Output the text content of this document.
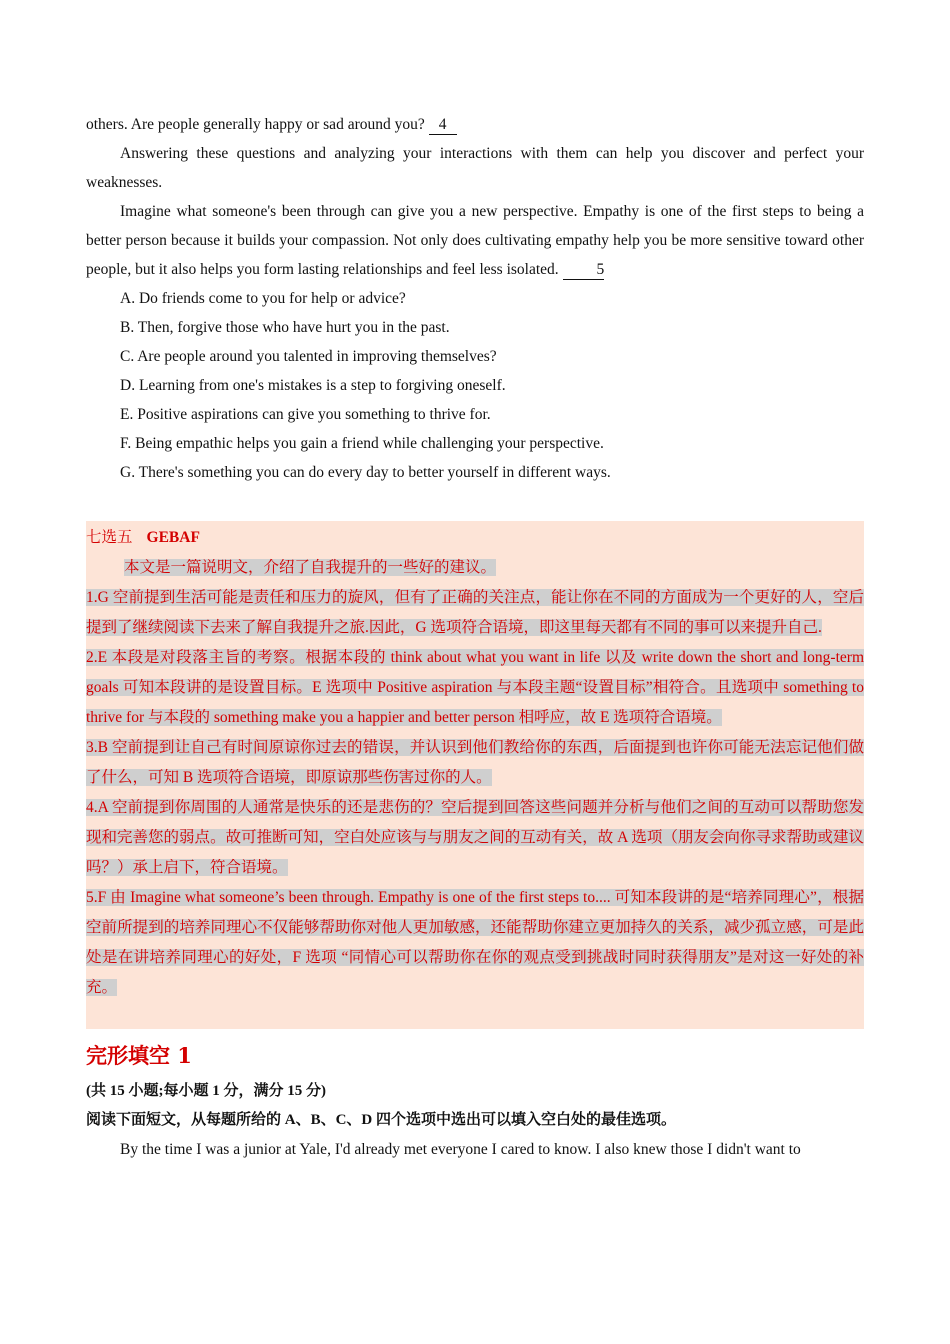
others. Are people generally happy or sad around you? 4

Answering these questions and analyzing your interactions with them can help you discover and perfect your weaknesses.

Imagine what someone's been through can give you a new perspective. Empathy is one of the first steps to being a better person because it builds your compassion. Not only does cultivating empathy help you be more sensitive toward other people, but it also helps you form lasting relationships and feel less isolated. 5

A. Do friends come to you for help or advice?

B. Then, forgive those who have hurt you in the past.

C. Are people around you talented in improving themselves?

D. Learning from one's mistakes is a step to forgiving oneself.

E. Positive aspirations can give you something to thrive for.

F. Being empathic helps you gain a friend while challenging your perspective.

G. There's something you can do every day to better yourself in different ways.

七选五 GEBAF

本文是一篇说明文，介绍了自我提升的一些好的建议。

1.G 空前提到生活可能是责任和压力的旋风，但有了正确的关注点，能让你在不同的方面成为一个更好的人，空后提到了继续阅读下去来了解自我提升之旅.因此，G 选项符合语境，即这里每天都有不同的事可以来提升自己.

2.E 本段是对段落主旨的考察。根据本段的 think about what you want in life 以及 write down the short and long-term goals 可知本段讲的是设置目标。E 选项中 Positive aspiration 与本段主题“设置目标”相符合。且选项中 something to thrive for 与本段的 something make you a happier and better person 相呼应，故 E 选项符合语境。

3.B 空前提到让自己有时间原谅你过去的错误，并认识到他们教给你的东西，后面提到也许你可能无法忘记他们做了什么，可知 B 选项符合语境，即原谅那些伤害过你的人。

4.A 空前提到你周围的人通常是快乐的还是悲伤的？空后提到回答这些问题并分析与他们之间的互动可以帮助您发现和完善您的弱点。故可推断可知，空白处应该与与朋友之间的互动有关，故 A 选项（朋友会向你寻求帮助或建议吗？）承上启下，符合语境。

5.F 由 Imagine what someone’s been through. Empathy is one of the first steps to.... 可知本段讲的是“培养同理心”，根据空前所提到的培养同理心不仅能够帮助你对他人更加敏感，还能帮助你建立更加持久的关系，减少孤立感，可是此处是在讲培养同理心的好处，F 选项 “同情心可以帮助你在你的观点受到挑战时同时获得朋友”是对这一好处的补充。

完形填空 1

(共 15 小题;每小题 1 分，满分 15 分)

阅读下面短文，从每题所给的 A、B、C、D 四个选项中选出可以填入空白处的最佳选项。

By the time I was a junior at Yale, I'd already met everyone I cared to know. I also knew those I didn't want to
